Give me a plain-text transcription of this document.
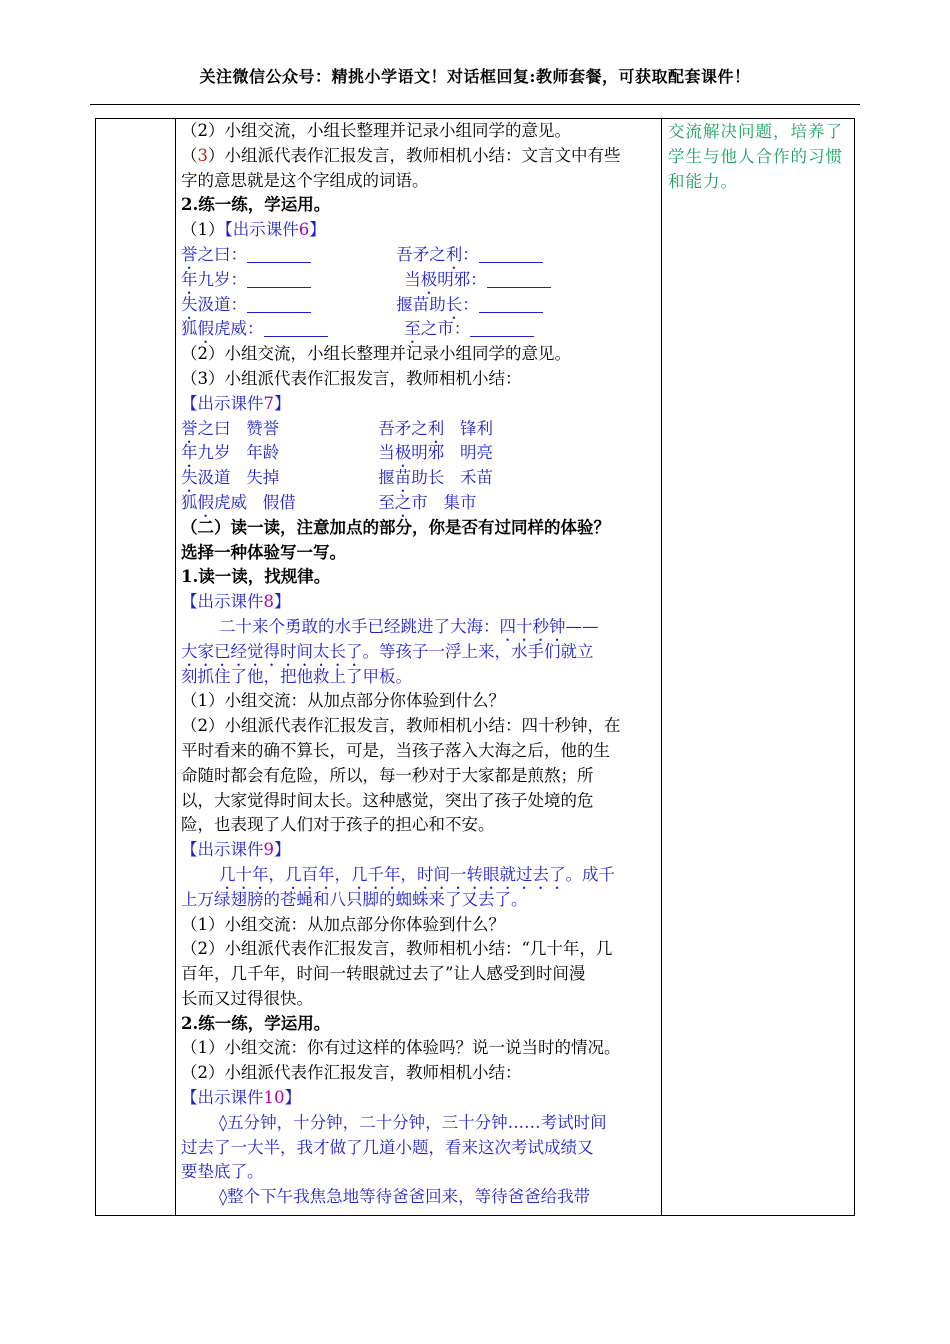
关注微信公众号：精挑小学语文！对话框回复:教师套餐，可获取配套课件！
（2）小组交流，小组长整理并记录小组同学的意见。
（3）小组派代表作汇报发言，教师相机小结：文言文中有些
字的意思就是这个字组成的词语。
2.练一练，学运用。
（1）【出示课件6】
誉之曰：	吾矛之利：
年九岁：	当极明邪：
失汲道：	揠苗助长：
狐假虎威：	至之市：
（2）小组交流，小组长整理并记录小组同学的意见。
（3）小组派代表作汇报发言，教师相机小结：
【出示课件7】
誉之曰 赞誉	吾矛之利 锋利
年九岁 年龄	当极明邪 明亮
失汲道 失掉	揠苗助长 禾苗
狐假虎威 假借	至之市 集市
（二）读一读，注意加点的部分，你是否有过同样的体验？
选择一种体验写一写。
1.读一读，找规律。
【出示课件8】
二十来个勇敢的水手已经跳进了大海：四十秒钟——
大家已经觉得时间太长了。等孩子一浮上来，水手们就立
刻抓住了他，把他救上了甲板。
（1）小组交流：从加点部分你体验到什么？
（2）小组派代表作汇报发言，教师相机小结：四十秒钟，在
平时看来的确不算长，可是，当孩子落入大海之后，他的生
命随时都会有危险，所以，每一秒对于大家都是煎熬；所
以，大家觉得时间太长。这种感觉，突出了孩子处境的危
险，也表现了人们对于孩子的担心和不安。
【出示课件9】
几十年，几百年，几千年，时间一转眼就过去了。成千
上万绿翅膀的苍蝇和八只脚的蜘蛛来了又去了。
（1）小组交流：从加点部分你体验到什么？
（2）小组派代表作汇报发言，教师相机小结：“几十年，几
百年，几千年，时间一转眼就过去了”让人感受到时间漫
长而又过得很快。
2.练一练，学运用。
（1）小组交流：你有过这样的体验吗？说一说当时的情况。
（2）小组派代表作汇报发言，教师相机小结：
【出示课件10】
◊五分钟，十分钟，二十分钟，三十分钟……考试时间
过去了一大半，我才做了几道小题，看来这次考试成绩又
要垫底了。
◊整个下午我焦急地等待爸爸回来，等待爸爸给我带
交流解决问题，培养了学生与他人合作的习惯和能力。
